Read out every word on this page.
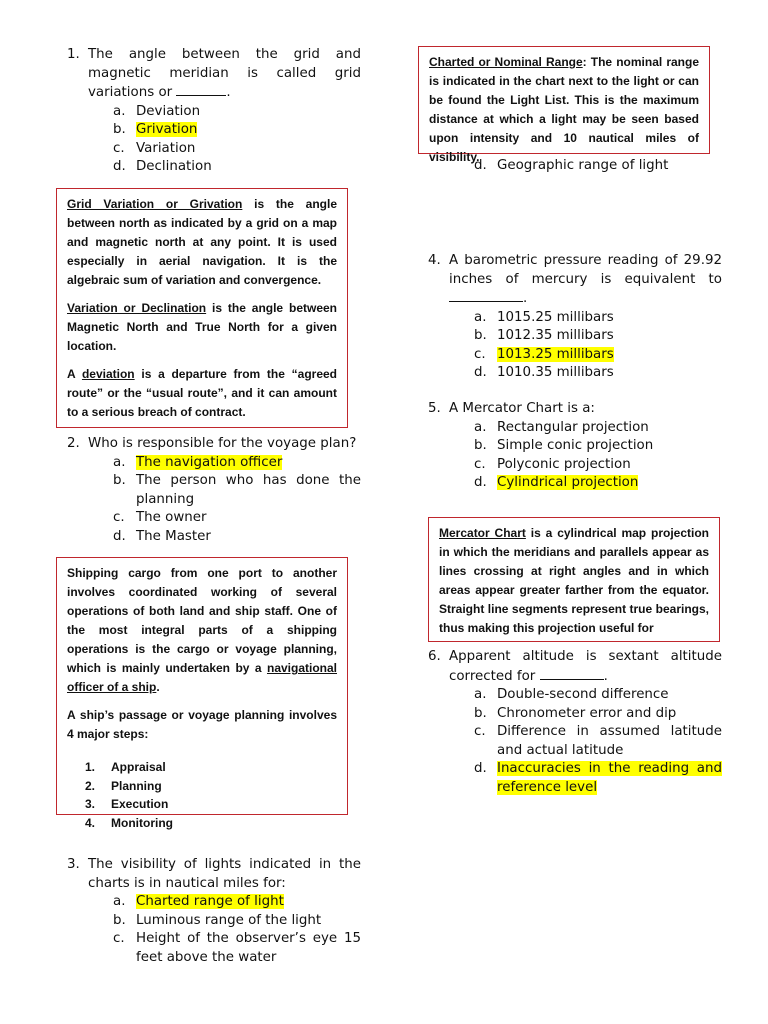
1. The angle between the grid and magnetic meridian is called grid variations or	.
a. Deviation
b. Grivation
c. Variation
d. Declination

Grid Variation or Grivation is the angle between north as indicated by a grid on a map and magnetic north at any point. It is used especially in aerial navigation. It is the algebraic sum of variation and convergence.

Variation or Declination is the angle between Magnetic North and True North for a given location.

A deviation is a departure from the “agreed route” or the “usual route”, and it can amount to a serious breach of contract.

2. Who is responsible for the voyage plan?
a. The navigation officer
b. The person who has done the planning
c. The owner
d. The Master

Shipping cargo from one port to another involves coordinated working of several operations of both land and ship staff. One of the most integral parts of a shipping operations is the cargo or voyage planning, which is mainly undertaken by a navigational officer of a ship.

A ship’s passage or voyage planning involves 4 major steps:

1.	Appraisal
2.	Planning
3.	Execution
4.	Monitoring
3. The visibility of lights indicated in the charts is in nautical miles for:
a. Charted range of light
b. Luminous range of the light
c. Height of the observer’s eye 15 feet above the water

Charted or Nominal Range: The nominal range is indicated in the chart next to the light or can be found the Light List. This is the maximum distance at which a light may be seen based upon intensity and 10 nautical miles of visibility.

d. Geographic range of light
4. A barometric pressure reading of 29.92 inches of mercury is equivalent to .
a. 1015.25 millibars
b. 1012.35 millibars
c. 1013.25 millibars
d. 1010.35 millibars
5. A Mercator Chart is a:
a. Rectangular projection
b. Simple conic projection
c. Polyconic projection
d. Cylindrical projection

Mercator Chart is a cylindrical map projection in which the meridians and parallels appear as lines crossing at right angles and in which areas appear greater farther from the equator. Straight line segments represent true bearings, thus making this projection useful for

6. Apparent altitude is sextant altitude corrected for	.
a. Double-second difference
b. Chronometer error and dip
c. Difference in assumed latitude and actual latitude
d. Inaccuracies in the reading and reference level
